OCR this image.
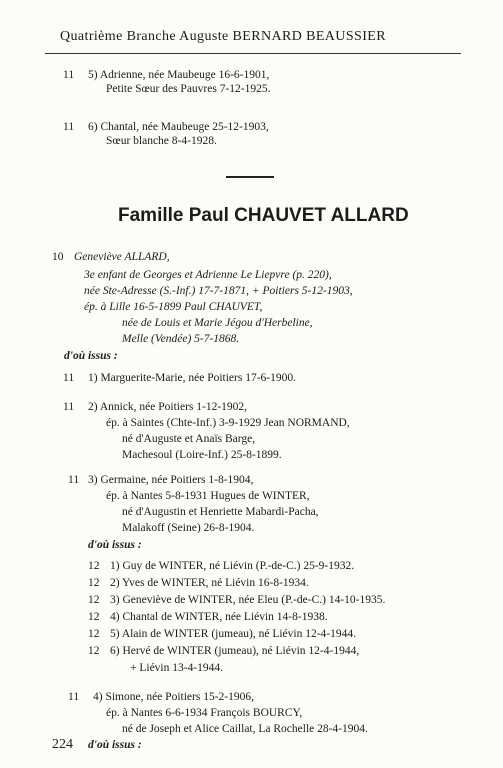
Quatrième Branche Auguste BERNARD BEAUSSIER
11 5) Adrienne, née Maubeuge 16-6-1901,
Petite Sœur des Pauvres 7-12-1925.
11 6) Chantal, née Maubeuge 25-12-1903,
Sœur blanche 8-4-1928.
Famille Paul CHAUVET ALLARD
10 Geneviève ALLARD,
3e enfant de Georges et Adrienne Le Liepvre (p. 220),
née Ste-Adresse (S.-Inf.) 17-7-1871, + Poitiers 5-12-1903,
ép. à Lille 16-5-1899 Paul CHAUVET,
née de Louis et Marie Jégou d'Herbeline,
Melle (Vendée) 5-7-1868.
d'où issus :
11 1) Marguerite-Marie, née Poitiers 17-6-1900.
11 2) Annick, née Poitiers 1-12-1902,
ép. à Saintes (Chte-Inf.) 3-9-1929 Jean NORMAND,
né d'Auguste et Anaïs Barge,
Machesoul (Loire-Inf.) 25-8-1899.
11 3) Germaine, née Poitiers 1-8-1904,
ép. à Nantes 5-8-1931 Hugues de WINTER,
né d'Augustin et Henriette Mabardi-Pacha,
Malakoff (Seine) 26-8-1904.
d'où issus :
12 1) Guy de WINTER, né Liévin (P.-de-C.) 25-9-1932.
12 2) Yves de WINTER, né Liévin 16-8-1934.
12 3) Geneviève de WINTER, née Eleu (P.-de-C.) 14-10-1935.
12 4) Chantal de WINTER, née Liévin 14-8-1938.
12 5) Alain de WINTER (jumeau), né Liévin 12-4-1944.
12 6) Hervé de WINTER (jumeau), né Liévin 12-4-1944,
+ Liévin 13-4-1944.
11 4) Simone, née Poitiers 15-2-1906,
ép. à Nantes 6-6-1934 François BOURCY,
né de Joseph et Alice Caillat, La Rochelle 28-4-1904.
d'où issus :
224
